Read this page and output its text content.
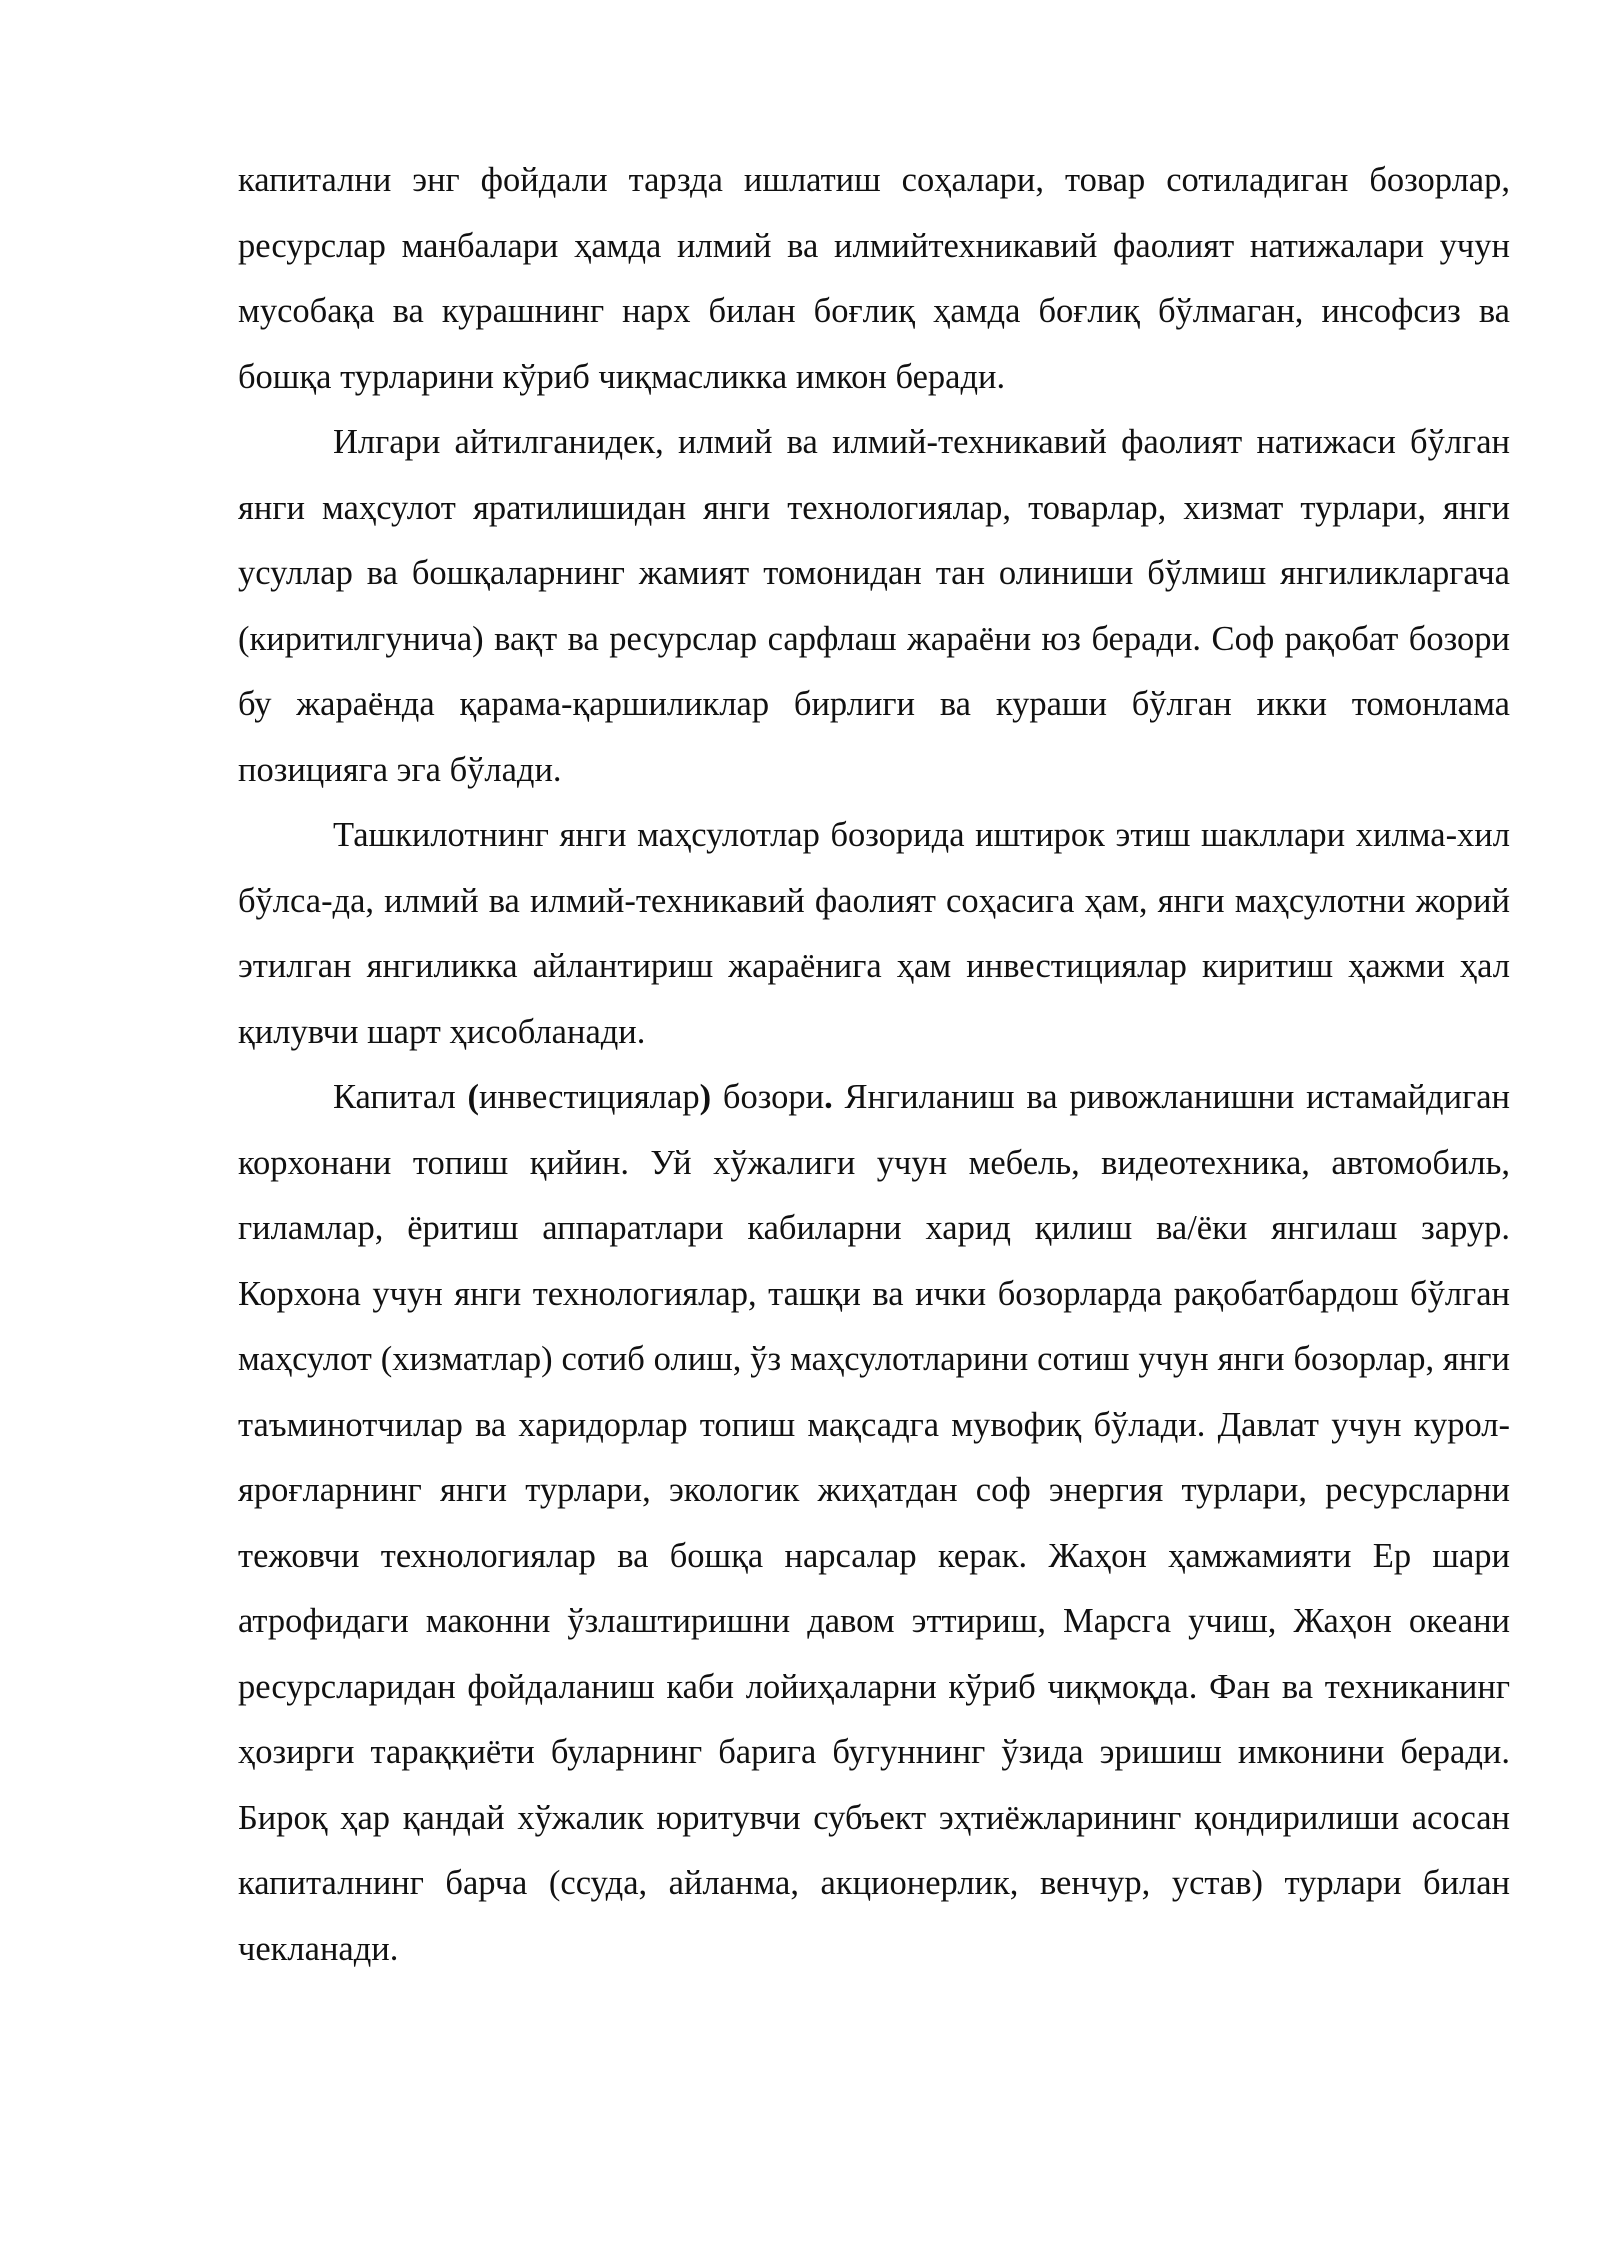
капитални энг фойдали тарзда ишлатиш соҳалари, товар сотиладиган бозорлар, ресурслар манбалари ҳамда илмий ва илмийтехникавий фаолият натижалари учун мусобақа ва курашнинг нарх билан боғлиқ ҳамда боғлиқ бўлмаган, инсофсиз ва бошқа турларини кўриб чиқмасликка имкон беради.

Илгари айтилганидек, илмий ва илмий-техникавий фаолият натижаси бўлган янги маҳсулот яратилишидан янги технологиялар, товарлар, хизмат турлари, янги усуллар ва бошқаларнинг жамият томонидан тан олиниши бўлмиш янгиликларгача (киритилгунича) вақт ва ресурслар сарфлаш жараёни юз беради. Соф рақобат бозори бу жараёнда қарама-қаршиликлар бирлиги ва кураши бўлган икки томонлама позицияга эга бўлади.

Ташкилотнинг янги маҳсулотлар бозорида иштирок этиш шакллари хилма-хил бўлса-да, илмий ва илмий-техникавий фаолият соҳасига ҳам, янги маҳсулотни жорий этилган янгиликка айлантириш жараёнига ҳам инвестициялар киритиш ҳажми ҳал қилувчи шарт ҳисобланади.

Капитал (инвестициялар) бозори. Янгиланиш ва ривожланишни истамайдиган корхонани топиш қийин. Уй хўжалиги учун мебель, видеотехника, автомобиль, гиламлар, ёритиш аппаратлари кабиларни харид қилиш ва/ёки янгилаш зарур. Корхона учун янги технологиялар, ташқи ва ички бозорларда рақобатбардош бўлган маҳсулот (хизматлар) сотиб олиш, ўз маҳсулотларини сотиш учун янги бозорлар, янги таъминотчилар ва харидорлар топиш мақсадга мувофиқ бўлади. Давлат учун курол-яроғларнинг янги турлари, экологик жиҳатдан соф энергия турлари, ресурсларни тежовчи технологиялар ва бошқа нарсалар керак. Жаҳон ҳамжамияти Ер шари атрофидаги маконни ўзлаштиришни давом эттириш, Марсга учиш, Жаҳон океани ресурсларидан фойдаланиш каби лойиҳаларни кўриб чиқмоқда. Фан ва техниканинг ҳозирги тараққиёти буларнинг барига бугуннинг ўзида эришиш имконини беради. Бироқ ҳар қандай хўжалик юритувчи субъект эҳтиёжларининг қондирилиши асосан капиталнинг барча (ссуда, айланма, акционерлик, венчур, устав) турлари билан чекланади.
